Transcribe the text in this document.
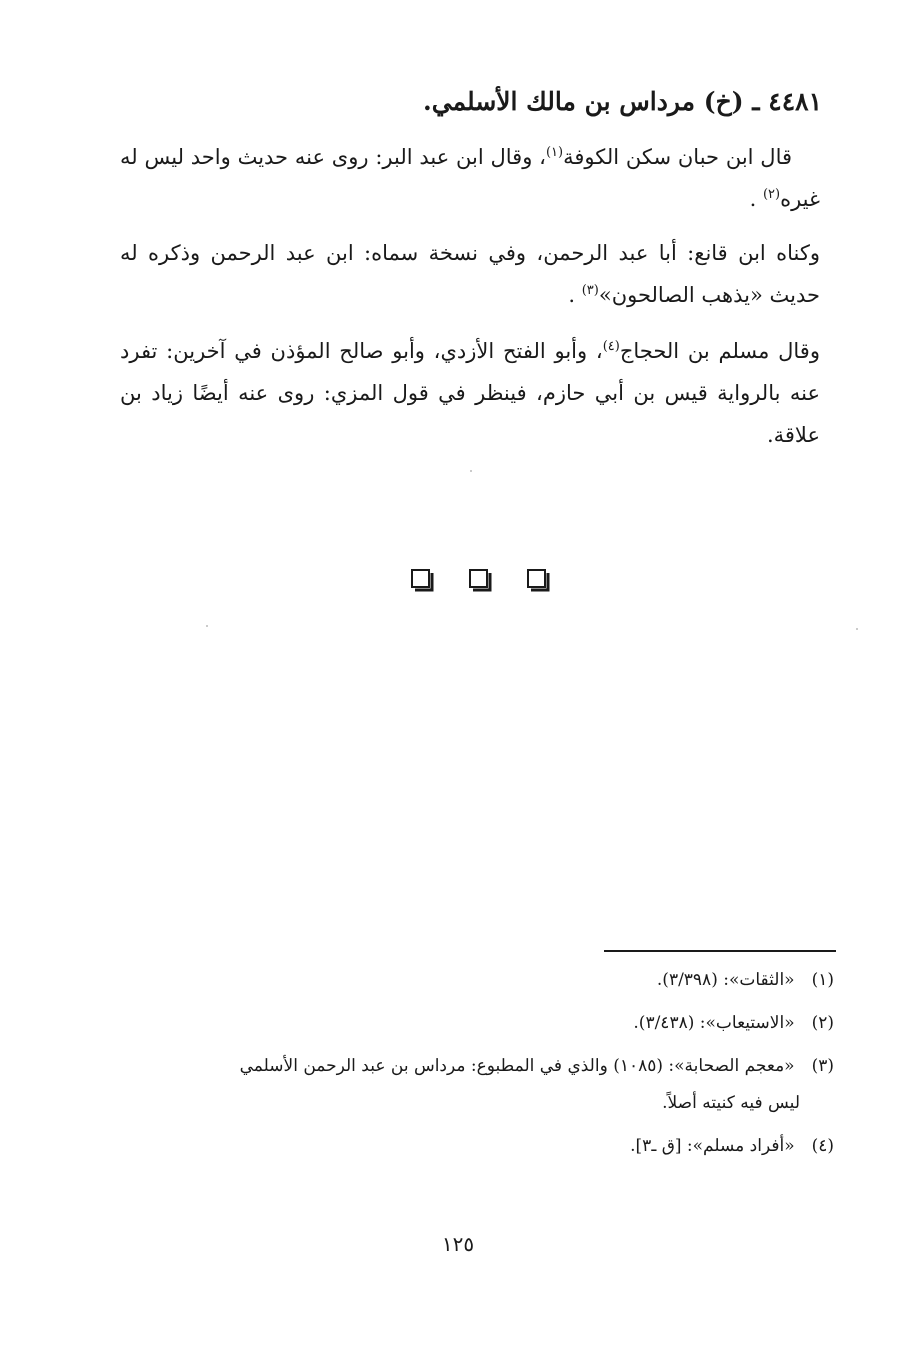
٤٤٨١ ـ (خ) مرداس بن مالك الأسلمي.
قال ابن حبان سكن الكوفة$^{(١)}$، وقال ابن عبد البر: روى عنه حديث واحد ليس له غيره$^{(٢)}$ .
وكناه ابن قانع: أبا عبد الرحمن، وفي نسخة سماه: ابن عبد الرحمن وذكره له حديث «يذهب الصالحون»$^{(٣)}$ .
وقال مسلم بن الحجاج$^{(٤)}$، وأبو الفتح الأزدي، وأبو صالح المؤذن في آخرين: تفرد عنه بالرواية قيس بن أبي حازم، فينظر في قول المزي: روى عنه أيضًا زياد بن علاقة.
(١) «الثقات»: (٣/٣٩٨).
(٢) «الاستيعاب»: (٣/٤٣٨).
(٣) «معجم الصحابة»: (١٠٨٥) والذي في المطبوع: مرداس بن عبد الرحمن الأسلمي
ليس فيه كنيته أصلاً.
(٤) «أفراد مسلم»: [ق ـ٣].
١٢٥
